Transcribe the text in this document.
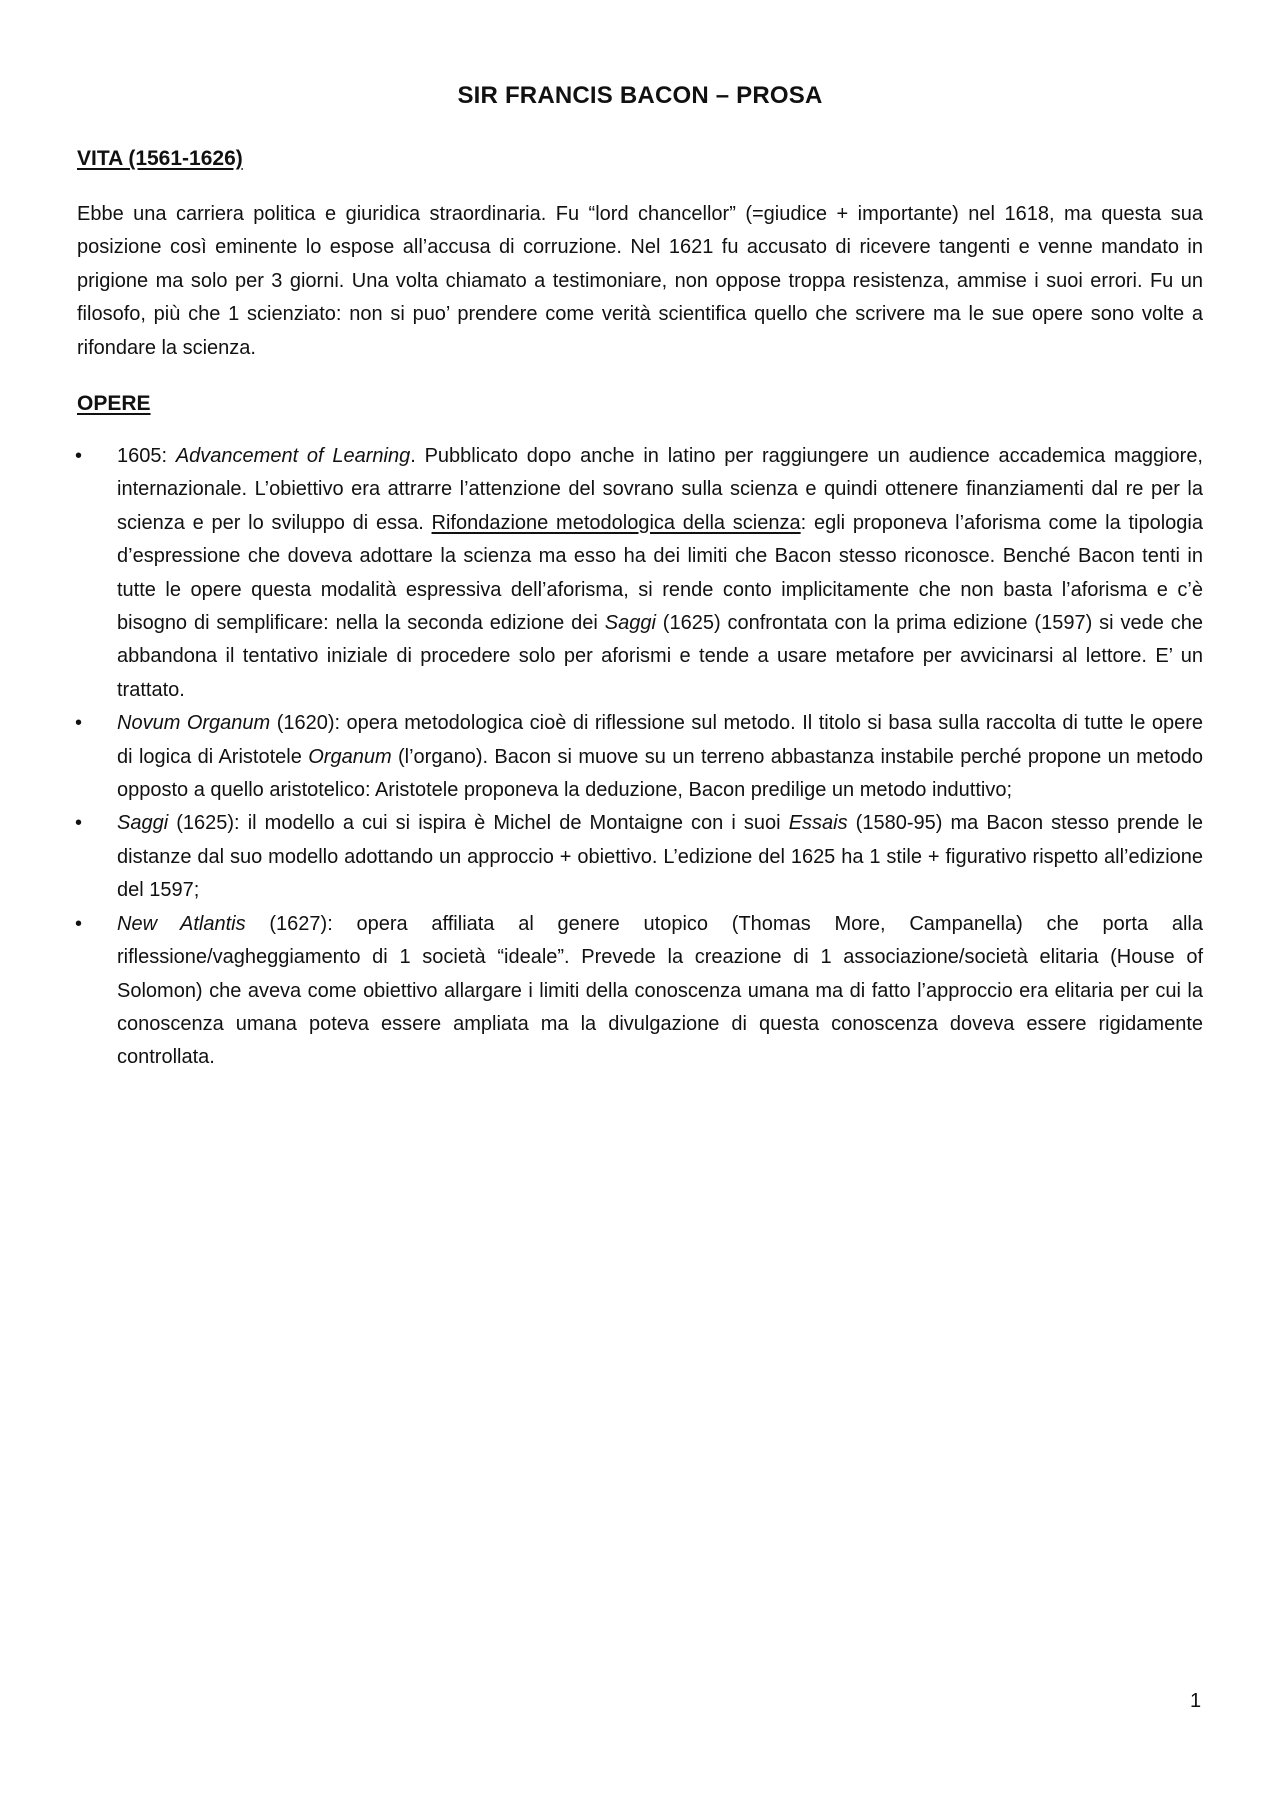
SIR FRANCIS BACON – PROSA
VITA (1561-1626)
Ebbe una carriera politica e giuridica straordinaria. Fu “lord chancellor” (=giudice + importante) nel 1618, ma questa sua posizione così eminente lo espose all’accusa di corruzione. Nel 1621 fu accusato di ricevere tangenti e venne mandato in prigione ma solo per 3 giorni. Una volta chiamato a testimoniare, non oppose troppa resistenza, ammise i suoi errori. Fu un filosofo, più che 1 scienziato: non si puo’ prendere come verità scientifica quello che scrivere ma le sue opere sono volte a rifondare la scienza.
OPERE
• 1605: Advancement of Learning. Pubblicato dopo anche in latino per raggiungere un audience accademica maggiore, internazionale. L’obiettivo era attrarre l’attenzione del sovrano sulla scienza e quindi ottenere finanziamenti dal re per la scienza e per lo sviluppo di essa. Rifondazione metodologica della scienza: egli proponeva l’aforisma come la tipologia d’espressione che doveva adottare la scienza ma esso ha dei limiti che Bacon stesso riconosce. Benché Bacon tenti in tutte le opere questa modalità espressiva dell’aforisma, si rende conto implicitamente che non basta l’aforisma e c’è bisogno di semplificare: nella la seconda edizione dei Saggi (1625) confrontata con la prima edizione (1597) si vede che abbandona il tentativo iniziale di procedere solo per aforismi e tende a usare metafore per avvicinarsi al lettore. E’ un trattato.
• Novum Organum (1620): opera metodologica cioè di riflessione sul metodo. Il titolo si basa sulla raccolta di tutte le opere di logica di Aristotele Organum (l’organo). Bacon si muove su un terreno abbastanza instabile perché propone un metodo opposto a quello aristotelico: Aristotele proponeva la deduzione, Bacon predilige un metodo induttivo;
• Saggi (1625): il modello a cui si ispira è Michel de Montaigne con i suoi Essais (1580-95) ma Bacon stesso prende le distanze dal suo modello adottando un approccio + obiettivo. L’edizione del 1625 ha 1 stile + figurativo rispetto all’edizione del 1597;
• New Atlantis (1627): opera affiliata al genere utopico (Thomas More, Campanella) che porta alla riflessione/vagheggiamento di 1 società “ideale”. Prevede la creazione di 1 associazione/società elitaria (House of Solomon) che aveva come obiettivo allargare i limiti della conoscenza umana ma di fatto l’approccio era elitaria per cui la conoscenza umana poteva essere ampliata ma la divulgazione di questa conoscenza doveva essere rigidamente controllata.
1
